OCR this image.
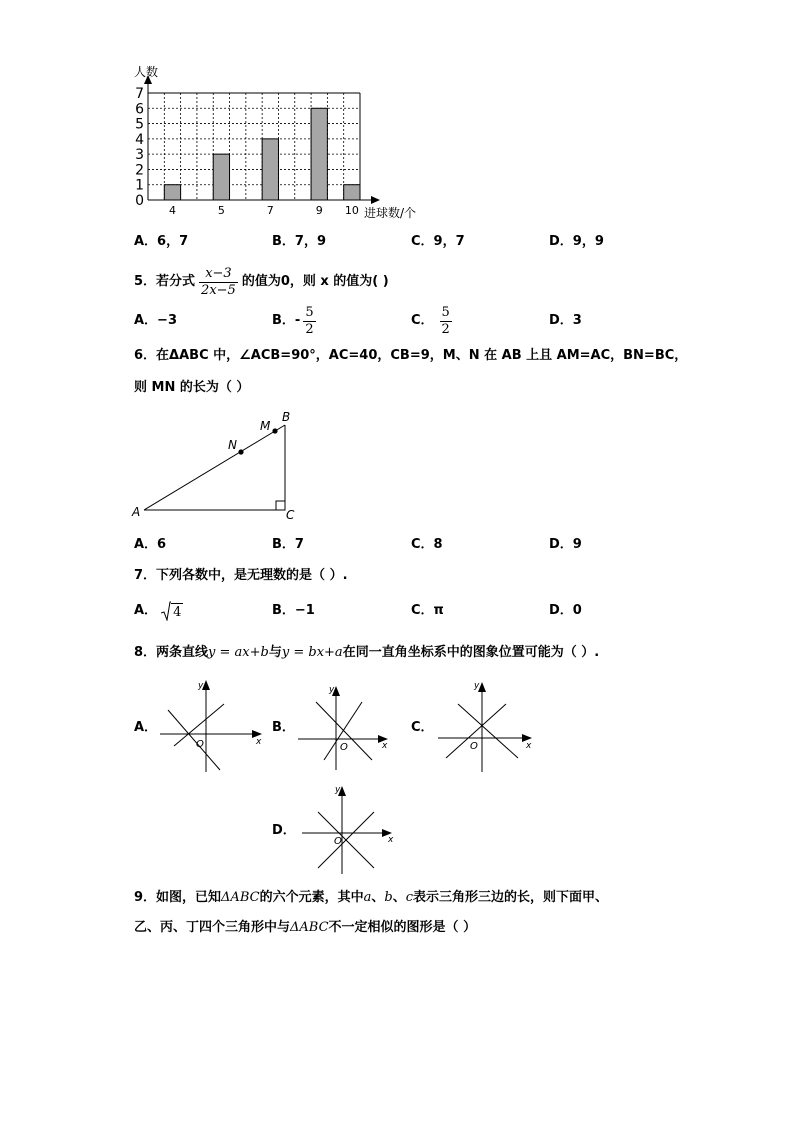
4	5	7	9 10
0
1
2
3
4
5
6
7
人数
进球数/个
A．6，7	B．7，9	C．9，7	D．9，9
5．若分式 $\frac{x-3}{2x-5}$ 的值为0，则 x 的值为( )
A．−3	B．- $\frac{5}{2}$	C． $\frac{5}{2}$	D．3
6．在ΔABC 中，∠ACB=90°，AC=40，CB=9，M、N 在 AB 上且 AM=AC，BN=BC，
则 MN 的长为（ ）
A
B
C
M
N
A．6	B．7	C．8	D．9
7．下列各数中，是无理数的是（ ）.
A． 4	B．−1	C．π	D．0
8．两条直线y = ax+b与y = bx+a在同一直角坐标系中的图象位置可能为（ ）.
A．	B．	C．
D．
y
x
O
y
x
O
y
x
O
y
x
O
9．如图，已知ΔABC的六个元素，其中a、b、c表示三角形三边的长，则下面甲、
乙、丙、丁四个三角形中与ΔABC不一定相似的图形是（ ）
